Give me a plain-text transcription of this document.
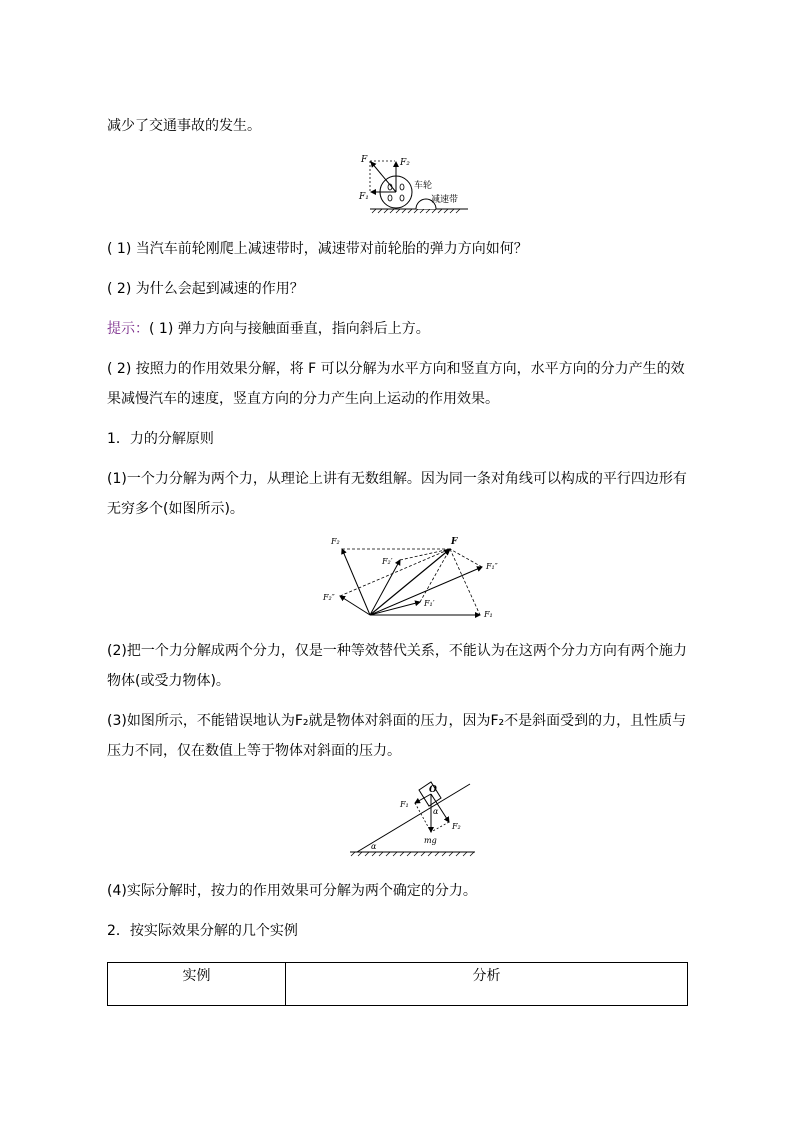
减少了交通事故的发生。

F	F₂
F₁
车轮
减速带

( 1) 当汽车前轮刚爬上减速带时，减速带对前轮胎的弹力方向如何？

( 2) 为什么会起到减速的作用？

提示：( 1) 弹力方向与接触面垂直，指向斜后上方。

( 2) 按照力的作用效果分解，将 F 可以分解为水平方向和竖直方向，水平方向的分力产生的效果减慢汽车的速度，竖直方向的分力产生向上运动的作用效果。

1．力的分解原则

(1)一个力分解为两个力，从理论上讲有无数组解。因为同一条对角线可以构成的平行四边形有无穷多个(如图所示)。

F
F₂
F₂′
F₁″
F₂″
F₁′
F₁

(2)把一个力分解成两个分力，仅是一种等效替代关系，不能认为在这两个分力方向有两个施力物体(或受力物体)。

(3)如图所示，不能错误地认为F₂就是物体对斜面的压力，因为F₂不是斜面受到的力，且性质与压力不同，仅在数值上等于物体对斜面的压力。

O
F₁
α
F₂
mg
α

(4)实际分解时，按力的作用效果可分解为两个确定的分力。

2．按实际效果分解的几个实例

实例	分析
